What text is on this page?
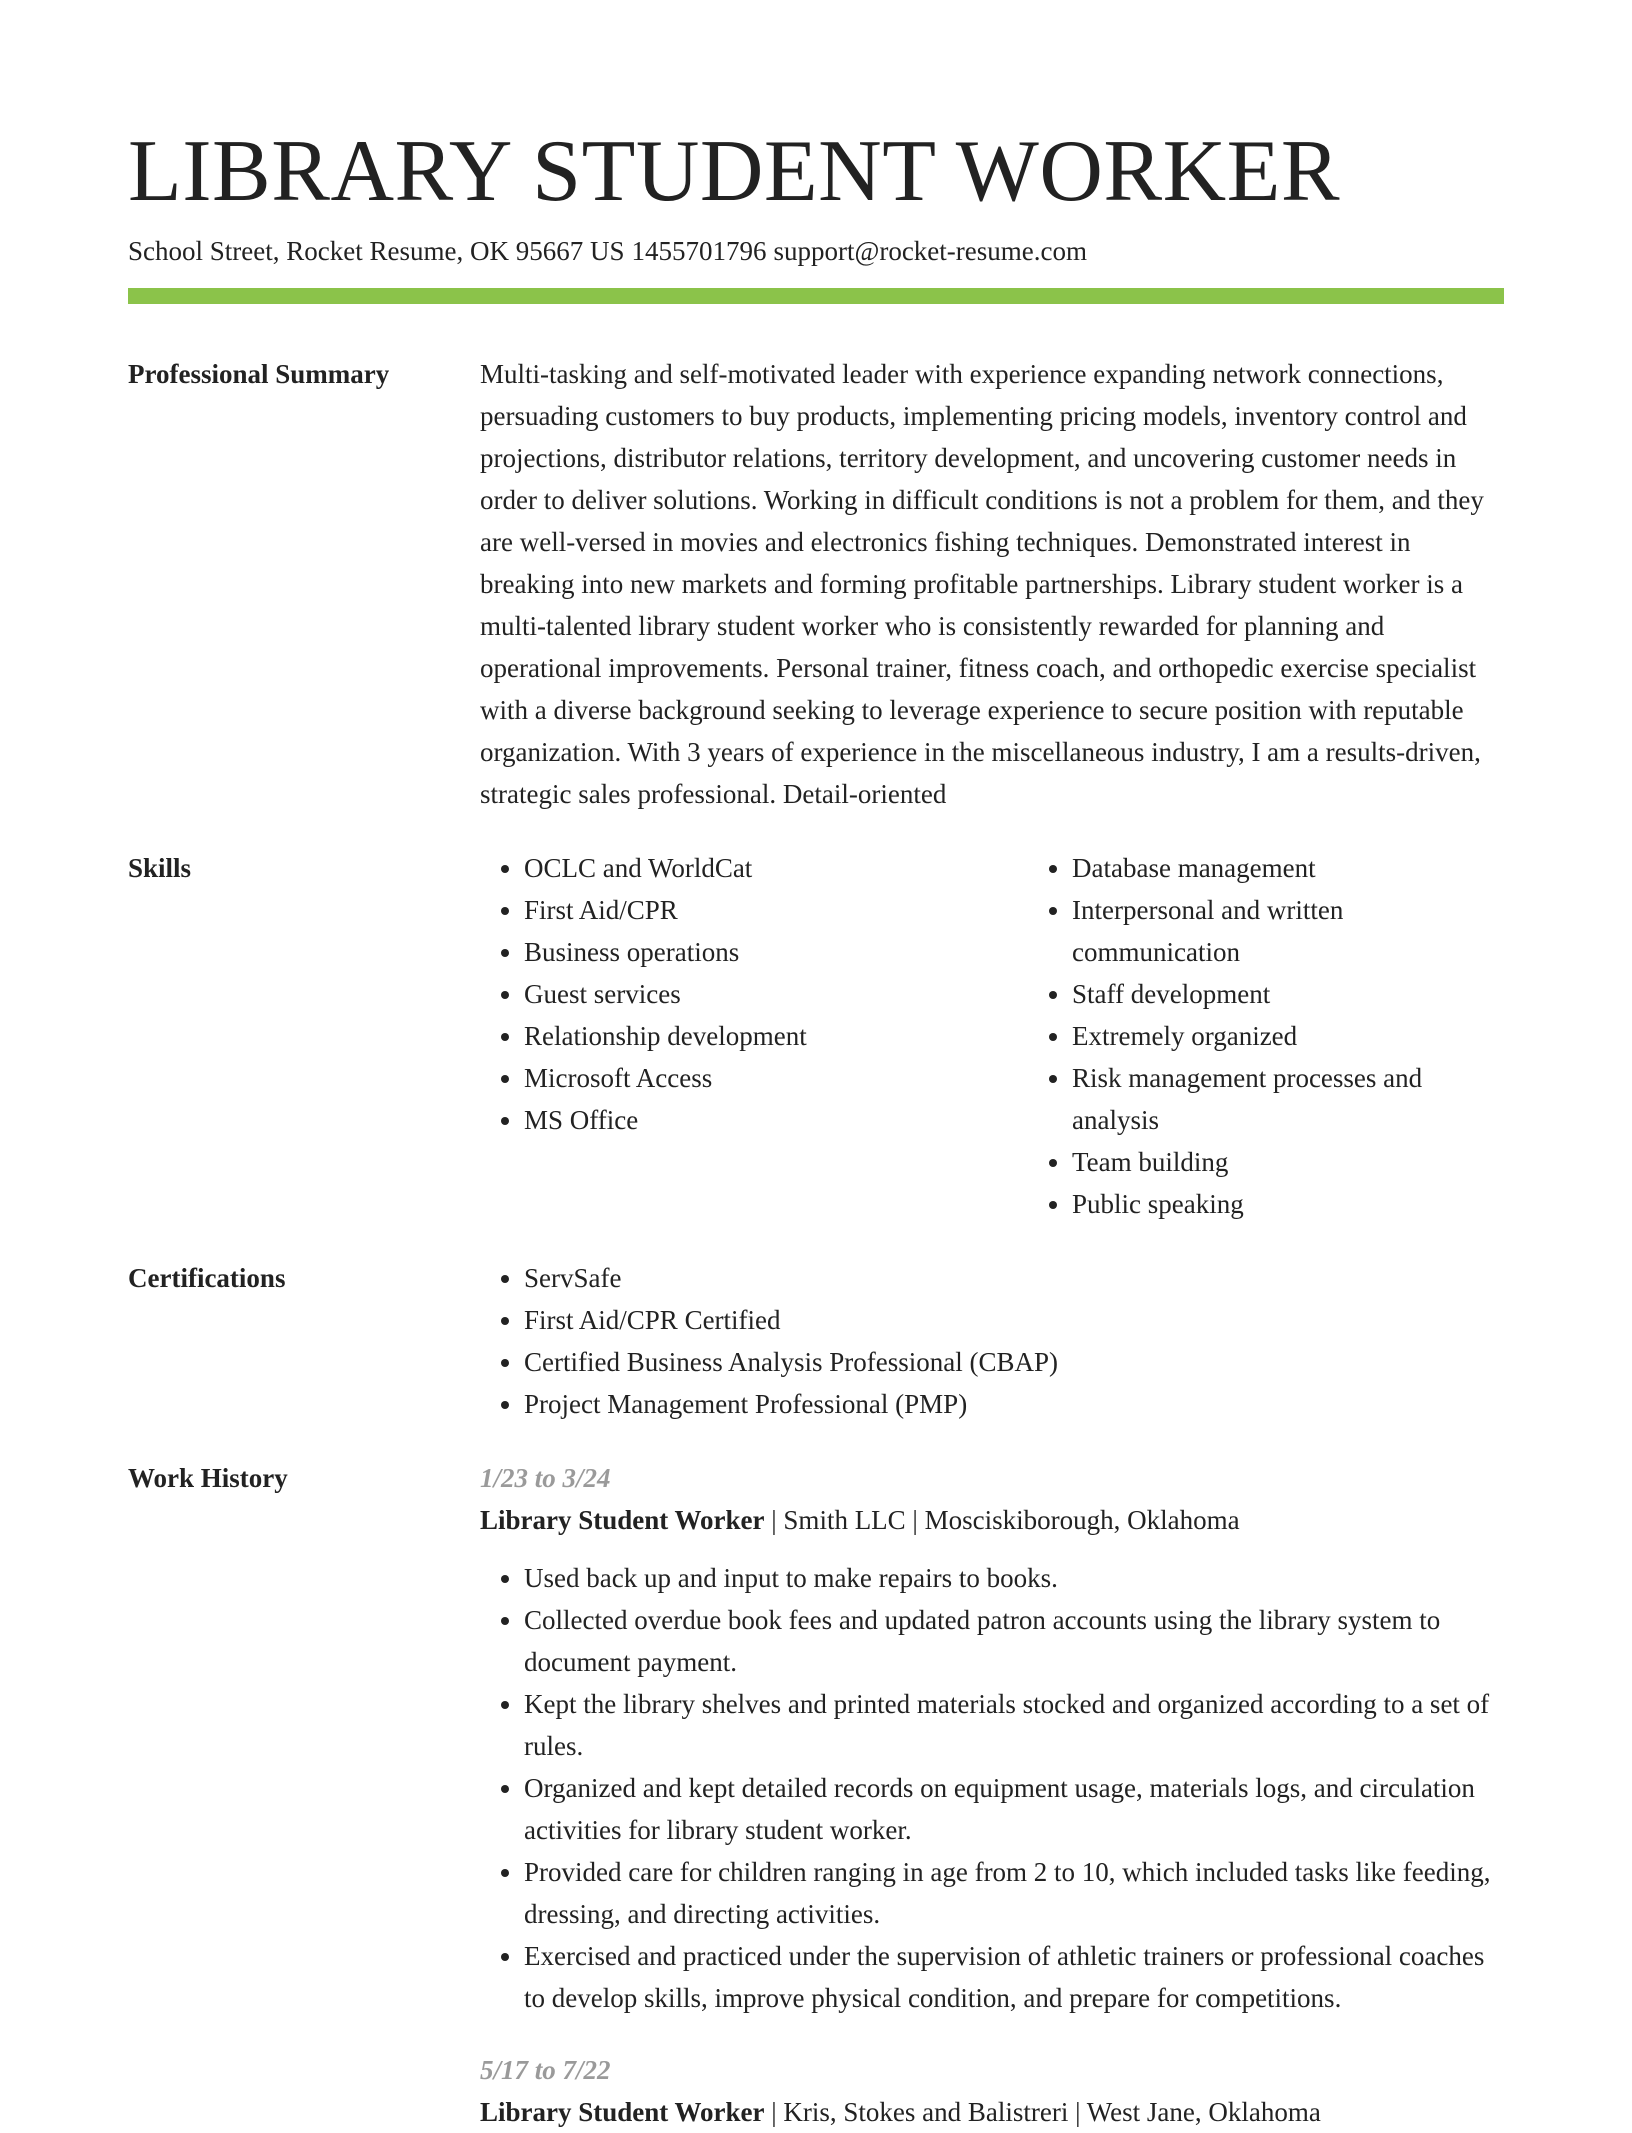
LIBRARY STUDENT WORKER
School Street, Rocket Resume, OK 95667 US 1455701796 support@rocket-resume.com
Professional Summary	Multi-tasking and self-motivated leader with experience expanding network connections, persuading customers to buy products, implementing pricing models, inventory control and projections, distributor relations, territory development, and uncovering customer needs in order to deliver solutions. Working in difficult conditions is not a problem for them, and they are well-versed in movies and electronics fishing techniques. Demonstrated interest in breaking into new markets and forming profitable partnerships. Library student worker is a multi-talented library student worker who is consistently rewarded for planning and operational improvements. Personal trainer, fitness coach, and orthopedic exercise specialist with a diverse background seeking to leverage experience to secure position with reputable organization. With 3 years of experience in the miscellaneous industry, I am a results-driven, strategic sales professional. Detail-oriented
Skills	• OCLC and WorldCat
• First Aid/CPR
• Business operations
• Guest services
• Relationship development
• Microsoft Access
• MS Office
• Database management
• Interpersonal and written communication
• Staff development
• Extremely organized
• Risk management processes and analysis
• Team building
• Public speaking
Certifications	• ServSafe
• First Aid/CPR Certified
• Certified Business Analysis Professional (CBAP)
• Project Management Professional (PMP)
Work History	1/23 to 3/24
Library Student Worker | Smith LLC | Mosciskiborough, Oklahoma
• Used back up and input to make repairs to books.
• Collected overdue book fees and updated patron accounts using the library system to document payment.
• Kept the library shelves and printed materials stocked and organized according to a set of rules.
• Organized and kept detailed records on equipment usage, materials logs, and circulation activities for library student worker.
• Provided care for children ranging in age from 2 to 10, which included tasks like feeding, dressing, and directing activities.
• Exercised and practiced under the supervision of athletic trainers or professional coaches to develop skills, improve physical condition, and prepare for competitions.
5/17 to 7/22
Library Student Worker | Kris, Stokes and Balistreri | West Jane, Oklahoma
